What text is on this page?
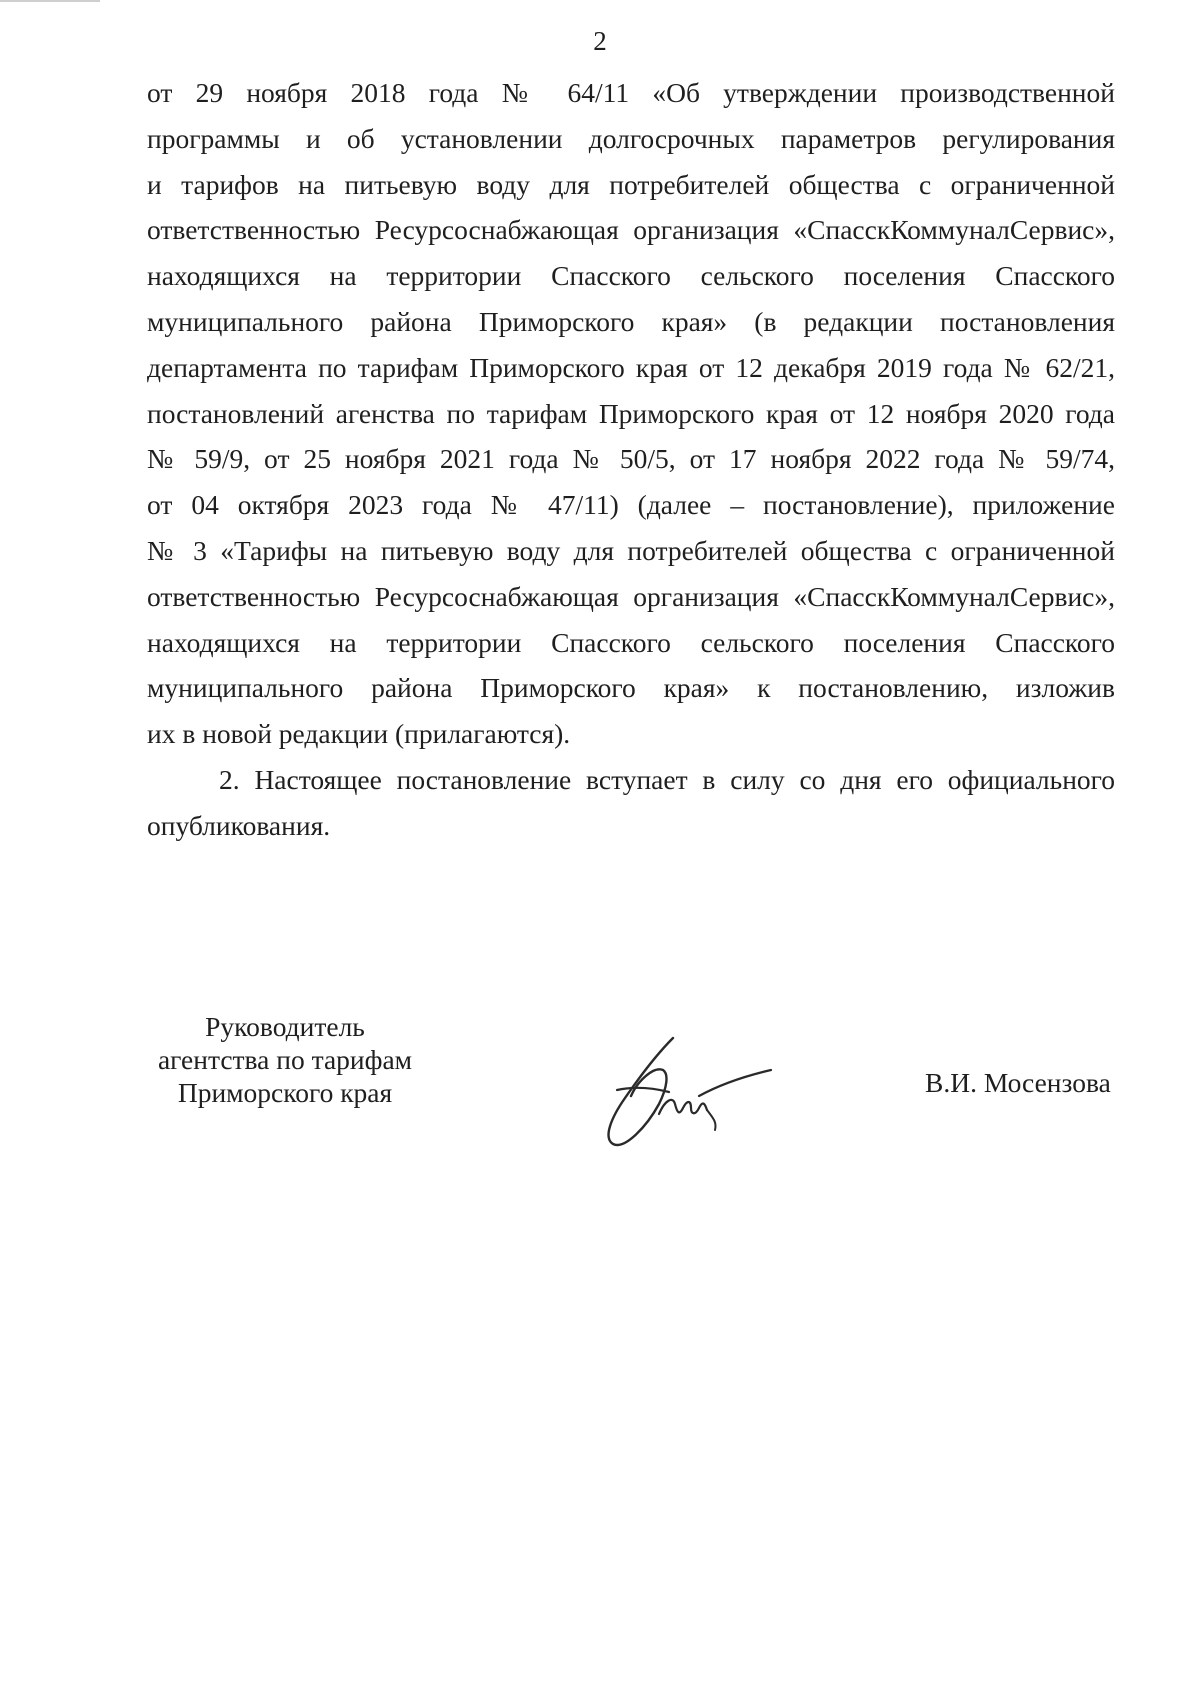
2
от 29 ноября 2018 года № 64/11 «Об утверждении производственной
программы и об установлении долгосрочных параметров регулирования
и тарифов на питьевую воду для потребителей общества с ограниченной
ответственностью Ресурсоснабжающая организация «СпасскКоммуналСервис»,
находящихся на территории Спасского сельского поселения Спасского
муниципального района Приморского края» (в редакции постановления
департамента по тарифам Приморского края от 12 декабря 2019 года № 62/21,
постановлений агенства по тарифам Приморского края от 12 ноября 2020 года
№ 59/9, от 25 ноября 2021 года № 50/5, от 17 ноября 2022 года № 59/74,
от 04 октября 2023 года № 47/11) (далее – постановление), приложение
№ 3 «Тарифы на питьевую воду для потребителей общества с ограниченной
ответственностью Ресурсоснабжающая организация «СпасскКоммуналСервис»,
находящихся на территории Спасского сельского поселения Спасского
муниципального района Приморского края» к постановлению, изложив
их в новой редакции (прилагаются).
2. Настоящее постановление вступает в силу со дня его официального
опубликования.
Руководитель
агентства по тарифам
Приморского края	В.И. Мосензова
